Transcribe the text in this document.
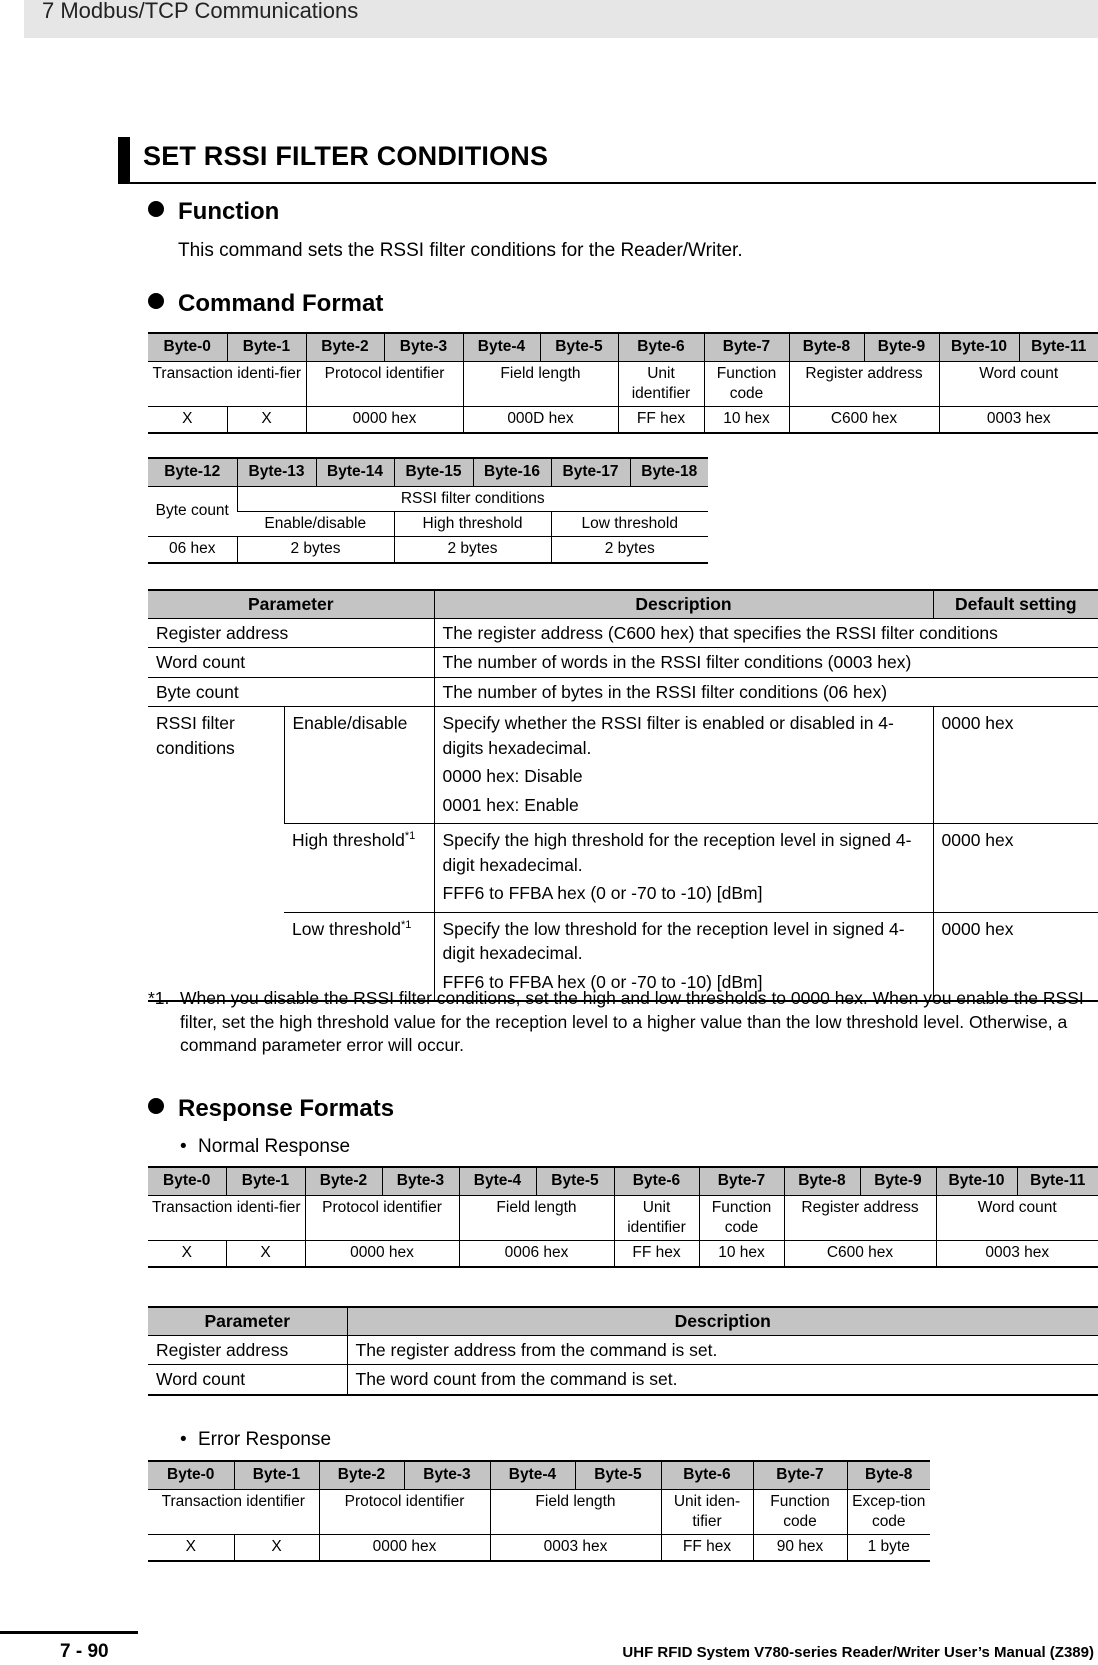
7 Modbus/TCP Communications
SET RSSI FILTER CONDITIONS
Function
This command sets the RSSI filter conditions for the Reader/Writer.
Command Format
Byte-0	Byte-1	Byte-2	Byte-3	Byte-4	Byte-5	Byte-6	Byte-7	Byte-8	Byte-9	Byte-10	Byte-11
Transaction identi-fier		Protocol identifier		Field length		Unit identifier	Function code	Register address		Word count	
X	X	0000 hex		000D hex		FF hex	10 hex	C600 hex		0003 hex	
Byte-12	Byte-13	Byte-14	Byte-15	Byte-16	Byte-17	Byte-18
Byte count	RSSI filter conditions					
	Enable/disable		High threshold		Low threshold	
06 hex	2 bytes		2 bytes		2 bytes	
Parameter		Description	Default setting
Register address		The register address (C600 hex) that specifies the RSSI filter conditions	
Word count		The number of words in the RSSI filter conditions (0003 hex)	
Byte count		The number of bytes in the RSSI filter conditions (06 hex)	
RSSI filter conditions	Enable/disable	Specify whether the RSSI filter is enabled or disabled in 4-digits hexadecimal.

0000 hex: Disable

0001 hex: Enable	0000 hex
	High threshold$^{*1}$	Specify the high threshold for the reception level in signed 4-digit hexadecimal.

FFF6 to FFBA hex (0 or -70 to -10) [dBm]	0000 hex
	Low threshold$^{*1}$	Specify the low threshold for the reception level in signed 4-digit hexadecimal.

FFF6 to FFBA hex (0 or -70 to -10) [dBm]	0000 hex
*1. When you disable the RSSI filter conditions, set the high and low thresholds to 0000 hex. When you enable the RSSI filter, set the high threshold value for the reception level to a higher value than the low threshold level. Otherwise, a command parameter error will occur.
Response Formats
• Normal Response
Byte-0	Byte-1	Byte-2	Byte-3	Byte-4	Byte-5	Byte-6	Byte-7	Byte-8	Byte-9	Byte-10	Byte-11
Transaction identi-fier		Protocol identifier		Field length		Unit identifier	Function code	Register address		Word count	
X	X	0000 hex		0006 hex		FF hex	10 hex	C600 hex		0003 hex	
Parameter	Description
Register address	The register address from the command is set.
Word count	The word count from the command is set.
• Error Response
Byte-0	Byte-1	Byte-2	Byte-3	Byte-4	Byte-5	Byte-6	Byte-7	Byte-8
Transaction identifier		Protocol identifier		Field length		Unit iden-tifier	Function code	Excep-tion code
X	X	0000 hex		0003 hex		FF hex	90 hex	1 byte
7 - 90	UHF RFID System V780-series Reader/Writer User’s Manual (Z389)
